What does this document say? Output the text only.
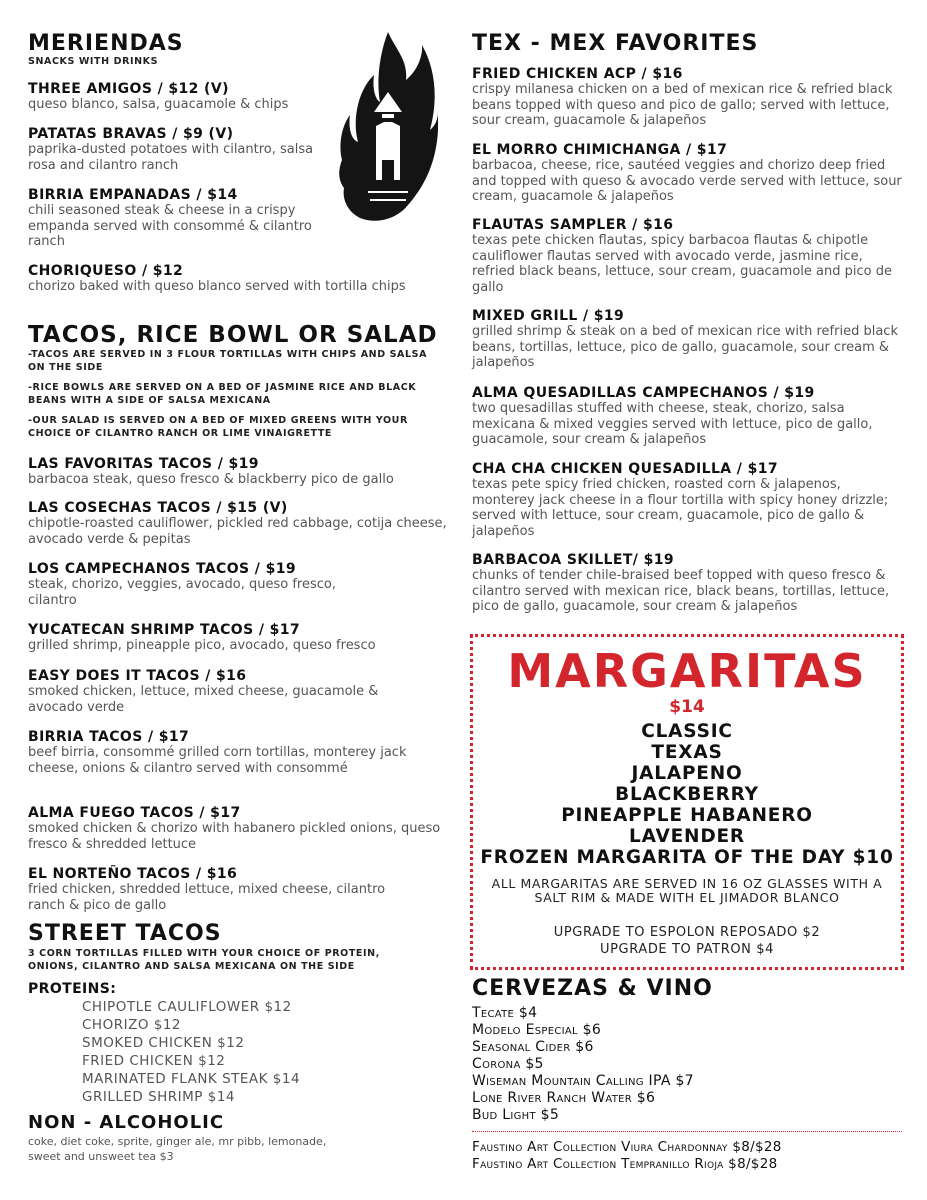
MERIENDAS
SNACKS WITH DRINKS
THREE AMIGOS / $12 (V)
queso blanco, salsa, guacamole & chips
PATATAS BRAVAS / $9 (V)
paprika-dusted potatoes with cilantro, salsa rosa and cilantro ranch
BIRRIA EMPANADAS / $14
chili seasoned steak & cheese in a crispy empanda served with consommé & cilantro ranch
CHORIQUESO / $12
chorizo baked with queso blanco served with tortilla chips
TACOS, RICE BOWL OR SALAD
-TACOS ARE SERVED IN 3 FLOUR TORTILLAS WITH CHIPS AND SALSA ON THE SIDE
-RICE BOWLS ARE SERVED ON A BED OF JASMINE RICE AND BLACK BEANS WITH A SIDE OF SALSA MEXICANA
-OUR SALAD IS SERVED ON A BED OF MIXED GREENS WITH YOUR CHOICE OF CILANTRO RANCH OR LIME VINAIGRETTE
LAS FAVORITAS TACOS / $19
barbacoa steak, queso fresco & blackberry pico de gallo
LAS COSECHAS TACOS / $15 (V)
chipotle-roasted cauliflower, pickled red cabbage, cotija cheese, avocado verde & pepitas
LOS CAMPECHANOS TACOS / $19
steak, chorizo, veggies, avocado, queso fresco, cilantro
YUCATECAN SHRIMP TACOS / $17
grilled shrimp, pineapple pico, avocado, queso fresco
EASY DOES IT TACOS / $16
smoked chicken, lettuce, mixed cheese, guacamole & avocado verde
BIRRIA TACOS / $17
beef birria, consommé grilled corn tortillas, monterey jack cheese, onions & cilantro served with consommé
ALMA FUEGO TACOS / $17
smoked chicken & chorizo with habanero pickled onions, queso fresco & shredded lettuce
EL NORTEÑO TACOS / $16
fried chicken, shredded lettuce, mixed cheese, cilantro ranch & pico de gallo
STREET TACOS
3 CORN TORTILLAS FILLED WITH YOUR CHOICE OF PROTEIN, ONIONS, CILANTRO AND SALSA MEXICANA ON THE SIDE
PROTEINS:
CHIPOTLE CAULIFLOWER $12
CHORIZO $12
SMOKED CHICKEN $12
FRIED CHICKEN $12
MARINATED FLANK STEAK $14
GRILLED SHRIMP $14
NON - ALCOHOLIC
coke, diet coke, sprite, ginger ale, mr pibb, lemonade, sweet and unsweet tea $3
TEX - MEX FAVORITES
FRIED CHICKEN ACP / $16
crispy milanesa chicken on a bed of mexican rice & refried black beans topped with queso and pico de gallo; served with lettuce, sour cream, guacamole & jalapeños
EL MORRO CHIMICHANGA / $17
barbacoa, cheese, rice, sautéed veggies and chorizo deep fried and topped with queso & avocado verde served with lettuce, sour cream, guacamole & jalapeños
FLAUTAS SAMPLER / $16
texas pete chicken flautas, spicy barbacoa flautas & chipotle cauliflower flautas served with avocado verde, jasmine rice, refried black beans, lettuce, sour cream, guacamole and pico de gallo
MIXED GRILL / $19
grilled shrimp & steak on a bed of mexican rice with refried black beans, tortillas, lettuce, pico de gallo, guacamole, sour cream & jalapeños
ALMA QUESADILLAS CAMPECHANOS / $19
two quesadillas stuffed with cheese, steak, chorizo, salsa mexicana & mixed veggies served with lettuce, pico de gallo, guacamole, sour cream & jalapeños
CHA CHA CHICKEN QUESADILLA / $17
texas pete spicy fried chicken, roasted corn & jalapenos, monterey jack cheese in a flour tortilla with spicy honey drizzle; served with lettuce, sour cream, guacamole, pico de gallo & jalapeños
BARBACOA SKILLET/ $19
chunks of tender chile-braised beef topped with queso fresco & cilantro served with mexican rice, black beans, tortillas, lettuce, pico de gallo, guacamole, sour cream & jalapeños
MARGARITAS
$14
CLASSIC
TEXAS
JALAPENO
BLACKBERRY
PINEAPPLE HABANERO
LAVENDER
FROZEN MARGARITA OF THE DAY $10
ALL MARGARITAS ARE SERVED IN 16 OZ GLASSES WITH A SALT RIM & MADE WITH EL JIMADOR BLANCO
UPGRADE TO ESPOLON REPOSADO $2
UPGRADE TO PATRON $4
CERVEZAS & VINO
Tecate $4
Modelo Especial $6
Seasonal Cider $6
Corona $5
Wiseman Mountain Calling IPA $7
Lone River Ranch Water $6
Bud Light $5
Faustino Art Collection Viura Chardonnay $8/$28
Faustino Art Collection Tempranillo Rioja $8/$28
